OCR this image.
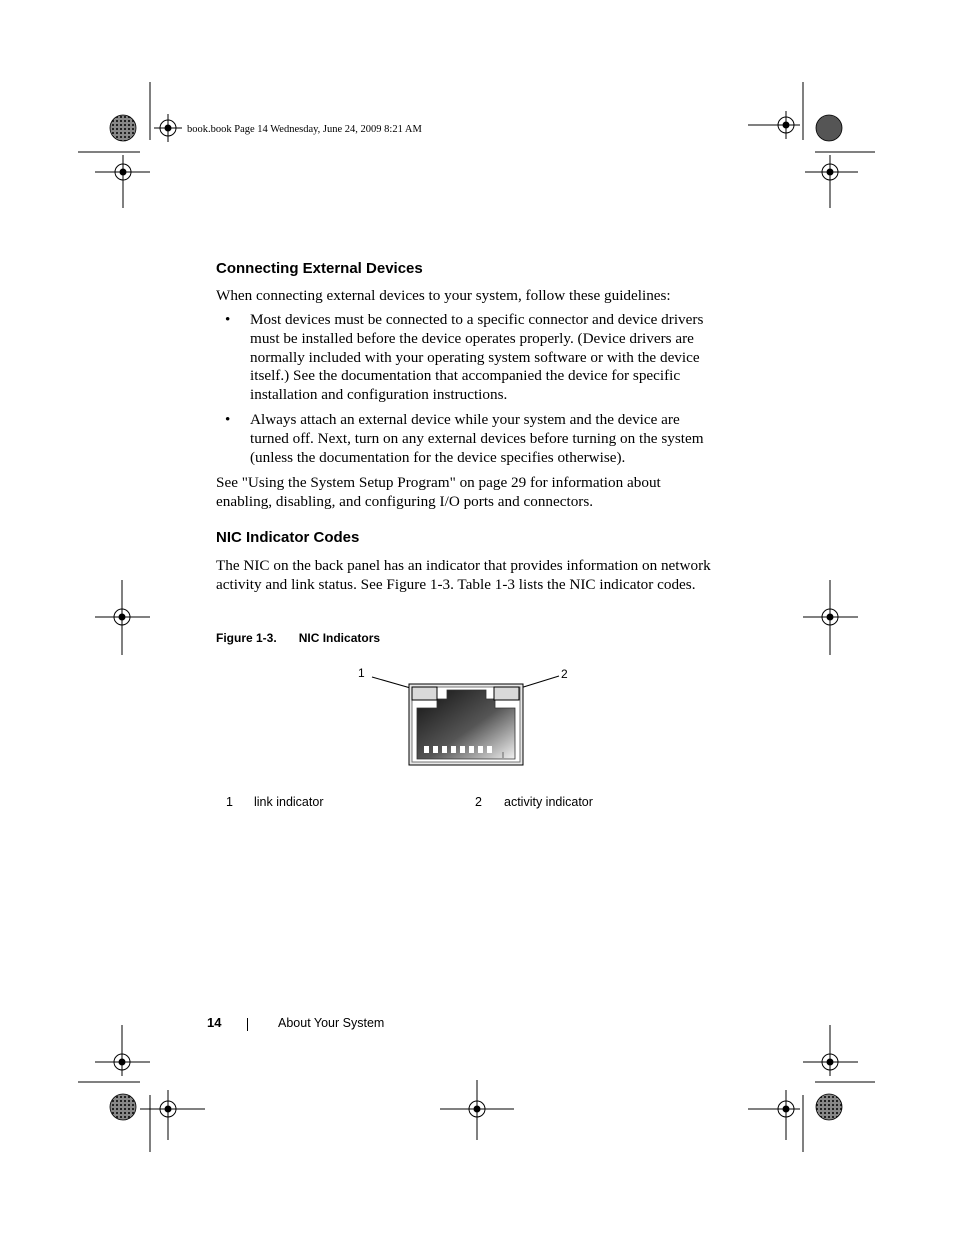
book.book Page 14 Wednesday, June 24, 2009 8:21 AM
Connecting External Devices

When connecting external devices to your system, follow these guidelines:

• Most devices must be connected to a specific connector and device drivers must be installed before the device operates properly. (Device drivers are normally included with your operating system software or with the device itself.) See the documentation that accompanied the device for specific installation and configuration instructions.
• Always attach an external device while your system and the device are turned off. Next, turn on any external devices before turning on the system (unless the documentation for the device specifies otherwise).

See "Using the System Setup Program" on page 29 for information about enabling, disabling, and configuring I/O ports and connectors.

NIC Indicator Codes

The NIC on the back panel has an indicator that provides information on network activity and link status. See Figure 1-3. Table 1-3 lists the NIC indicator codes.

Figure 1-3. NIC Indicators
1	2
1 link indicator	2 activity indicator
14	About Your System
